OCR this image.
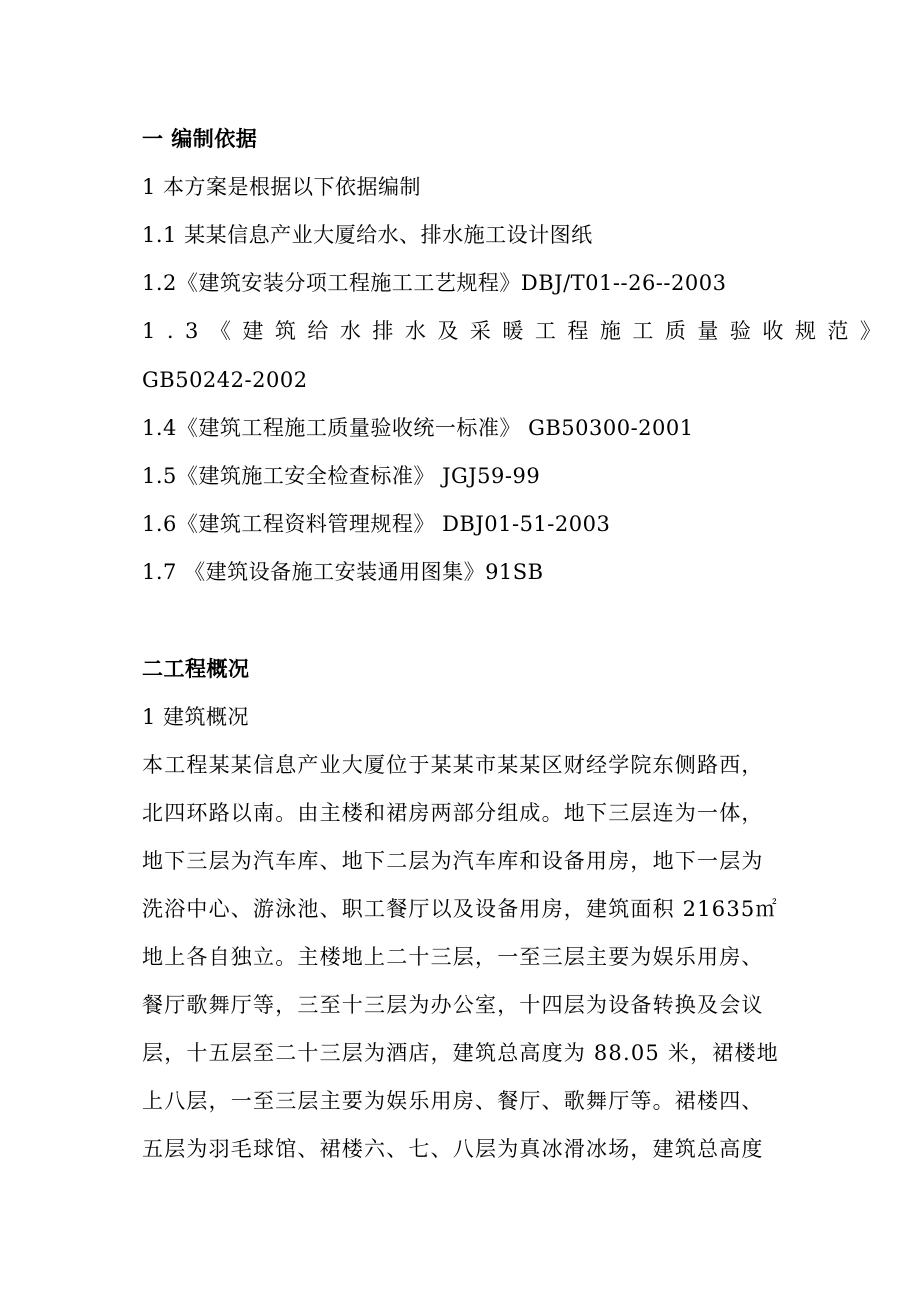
一 编制依据
1 本方案是根据以下依据编制
1.1 某某信息产业大厦给水、排水施工设计图纸
1.2《建筑安装分项工程施工工艺规程》DBJ/T01--26--2003
1.3《建筑给水排水及采暖工程施工质量验收规范》
GB50242-2002
1.4《建筑工程施工质量验收统一标准》 GB50300-2001
1.5《建筑施工安全检查标准》 JGJ59-99
1.6《建筑工程资料管理规程》 DBJ01-51-2003
1.7 《建筑设备施工安装通用图集》91SB
二工程概况
1 建筑概况
本工程某某信息产业大厦位于某某市某某区财经学院东侧路西，
北四环路以南。由主楼和裙房两部分组成。地下三层连为一体，
地下三层为汽车库、地下二层为汽车库和设备用房，地下一层为
洗浴中心、游泳池、职工餐厅以及设备用房，建筑面积 21635㎡
地上各自独立。主楼地上二十三层，一至三层主要为娱乐用房、
餐厅歌舞厅等，三至十三层为办公室，十四层为设备转换及会议
层，十五层至二十三层为酒店，建筑总高度为 88.05 米，裙楼地
上八层，一至三层主要为娱乐用房、餐厅、歌舞厅等。裙楼四、
五层为羽毛球馆、裙楼六、七、八层为真冰滑冰场，建筑总高度
